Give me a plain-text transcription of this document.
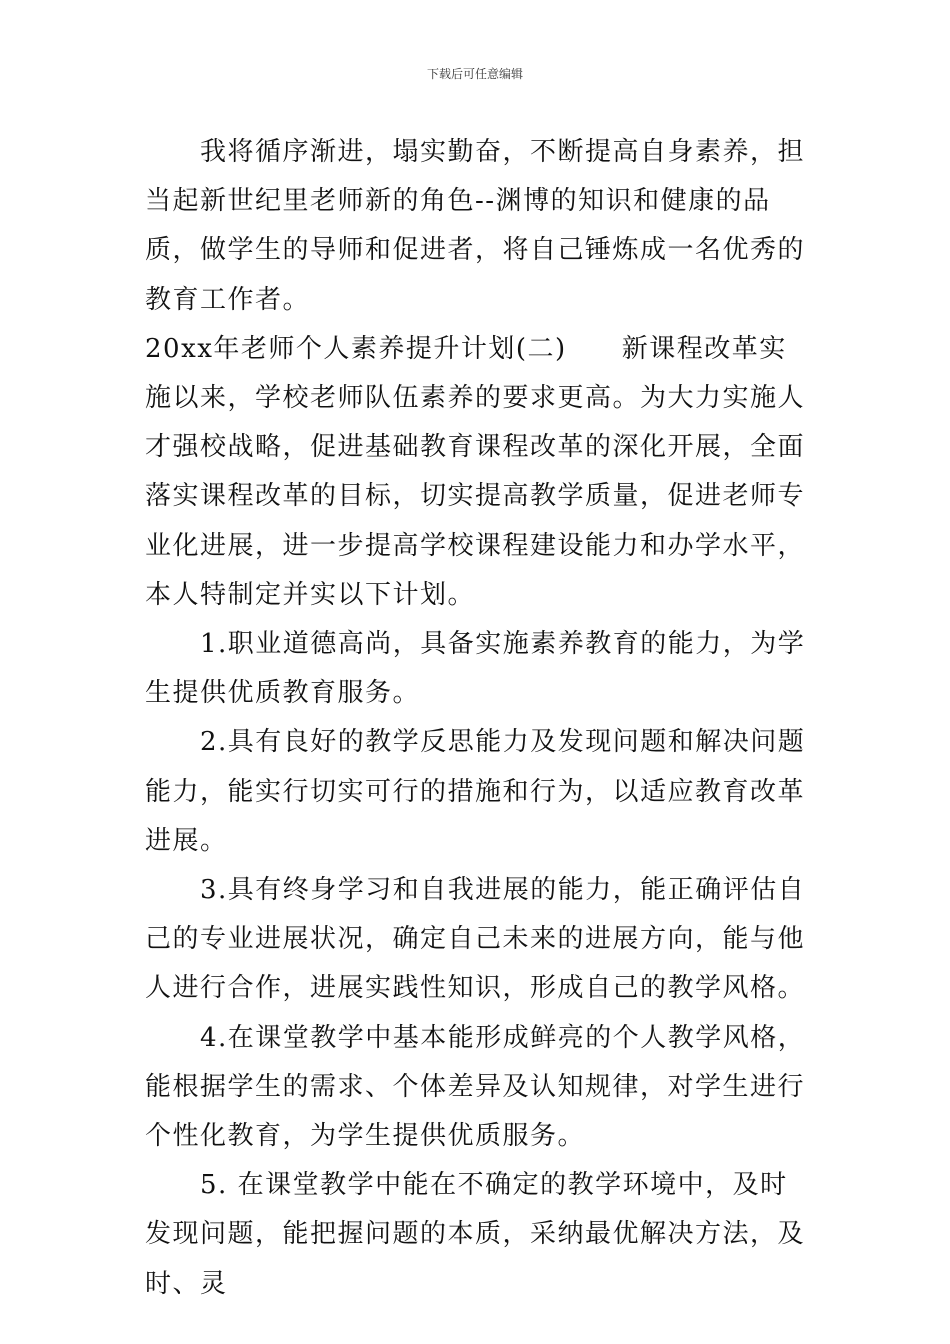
下载后可任意编辑

我将循序渐进，塌实勤奋，不断提高自身素养，担当起新世纪里老师新的角色--渊博的知识和健康的品质，做学生的导师和促进者，将自己锤炼成一名优秀的教育工作者。

20xx年老师个人素养提升计划(二) 新课程改革实施以来，学校老师队伍素养的要求更高。为大力实施人才强校战略，促进基础教育课程改革的深化开展，全面落实课程改革的目标，切实提高教学质量，促进老师专业化进展，进一步提高学校课程建设能力和办学水平，本人特制定并实以下计划。

1.职业道德高尚，具备实施素养教育的能力，为学生提供优质教育服务。

2.具有良好的教学反思能力及发现问题和解决问题能力，能实行切实可行的措施和行为，以适应教育改革进展。

3.具有终身学习和自我进展的能力，能正确评估自己的专业进展状况，确定自己未来的进展方向，能与他人进行合作，进展实践性知识，形成自己的教学风格。

4.在课堂教学中基本能形成鲜亮的个人教学风格，能根据学生的需求、个体差异及认知规律，对学生进行个性化教育，为学生提供优质服务。

5. 在课堂教学中能在不确定的教学环境中，及时发现问题，能把握问题的本质，采纳最优解决方法，及时、灵
